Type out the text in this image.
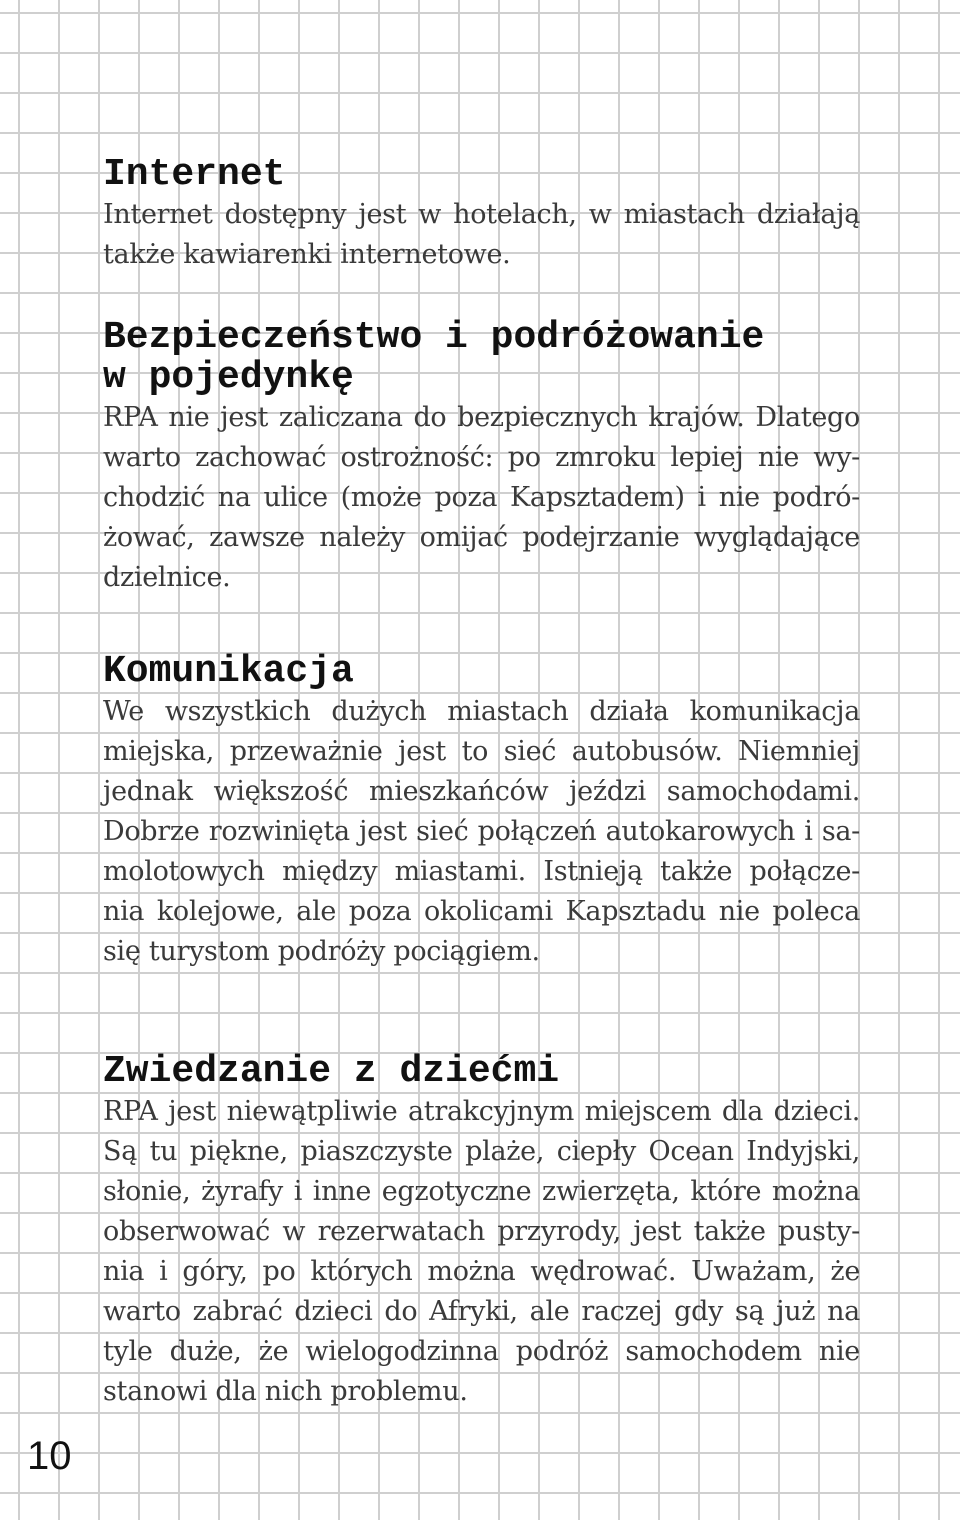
Internet

Internet dostępny jest w hotelach, w miastach działają
także kawiarenki internetowe.

Bezpieczeństwo i podróżowanie
w pojedynkę

RPA nie jest zaliczana do bezpiecznych krajów. Dlatego
warto zachować ostrożność: po zmroku lepiej nie wy-
chodzić na ulice (może poza Kapsztadem) i nie podró-
żować, zawsze należy omijać podejrzanie wyglądające
dzielnice.

Komunikacja

We wszystkich dużych miastach działa komunikacja
miejska, przeważnie jest to sieć autobusów. Niemniej
jednak większość mieszkańców jeździ samochodami.
Dobrze rozwinięta jest sieć połączeń autokarowych i sa-
molotowych między miastami. Istnieją także połącze-
nia kolejowe, ale poza okolicami Kapsztadu nie poleca
się turystom podróży pociągiem.

Zwiedzanie z dziećmi

RPA jest niewątpliwie atrakcyjnym miejscem dla dzieci.
Są tu piękne, piaszczyste plaże, ciepły Ocean Indyjski,
słonie, żyrafy i inne egzotyczne zwierzęta, które można
obserwować w rezerwatach przyrody, jest także pusty-
nia i góry, po których można wędrować. Uważam, że
warto zabrać dzieci do Afryki, ale raczej gdy są już na
tyle duże, że wielogodzinna podróż samochodem nie
stanowi dla nich problemu.

10
